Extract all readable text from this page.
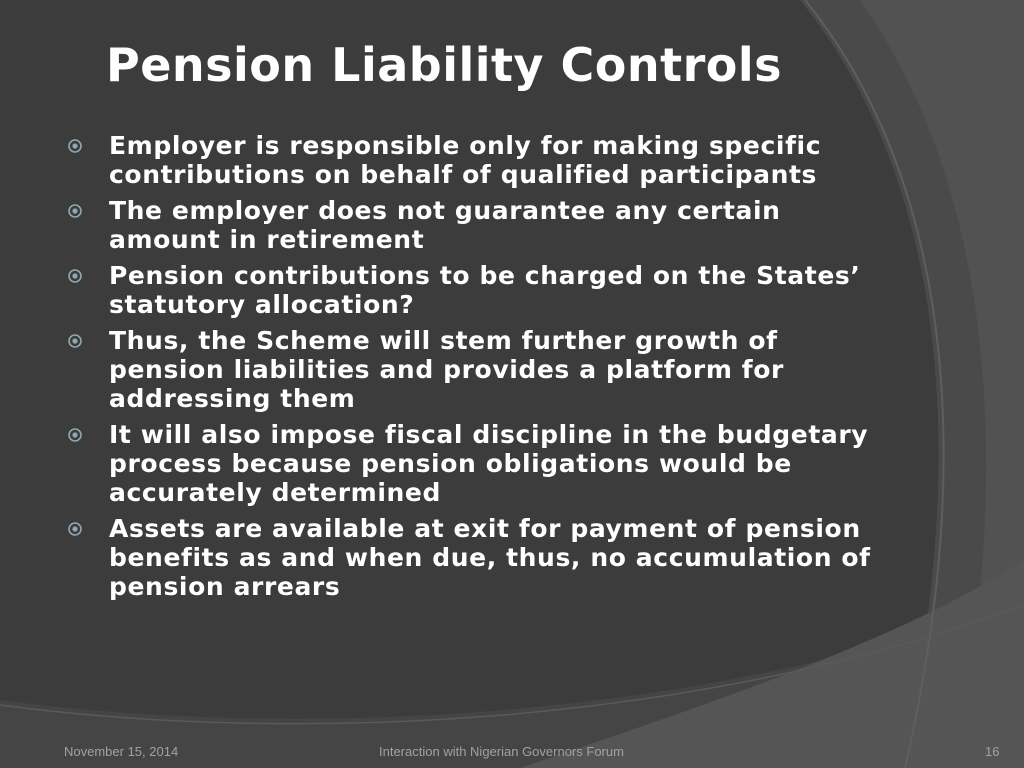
Pension Liability Controls
Employer is responsible only for making specific contributions on behalf of qualified participants
The employer does not guarantee any certain amount in retirement
Pension contributions to be charged on the States’ statutory allocation?
Thus, the Scheme will stem further growth of pension liabilities and provides a platform for addressing them
It will also impose fiscal discipline in the budgetary process because pension obligations would be accurately determined
Assets are available at exit for payment of pension benefits as and when due, thus, no accumulation of pension arrears
November 15, 2014	Interaction with Nigerian Governors Forum	16
